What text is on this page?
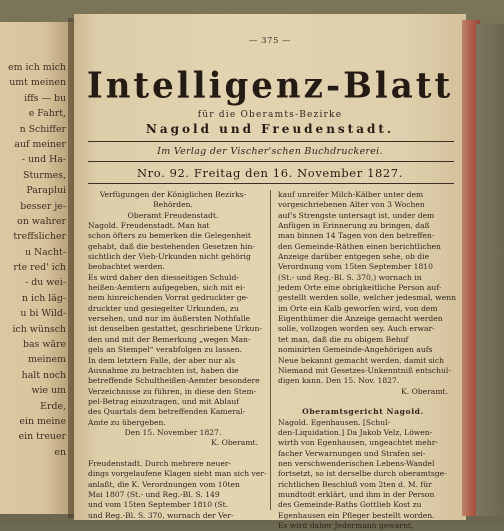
em ich mich
umt meinen
iffs — bu
e Fahrt,
n Schiffer
auf meiner
- und Ha-
Sturmes,
Paraplui
besser je-
on wahrer
treffslicher
u Nacht-
rte red' ich
- du wei-
n ich läg-
u bi Wild-
ich wünsch
bas wäre
meinem
halt noch
wie um
Erde,
ein meine
ein treuer
en
— 375 —
Intelligenz-Blatt
für die Oberamts-Bezirke
Nagold und Freudenstadt.
Im Verlag der Vischer'schen Buchdruckerei.
Nro. 92. Freitag den 16. November 1827.
Verfügungen der Königlichen Bezirks-
Behörden.
Oberamt Freudenstadt.
Nagold. Freudenstadt. Man hat
schon öfters zu bemerken die Gelegenheit
gehabt, daß die bestehenden Gesetzen hin-
sichtlich der Vieh-Urkunden nicht gehörig
beobachtet werden.
Es wird daher den diesseitigen Schuld-
heißen-Aemtern aufgegeben, sich mit ei-
nem hinreichenden Vorrat gedruckter ge-
druckter und gesiegelter Urkunden, zu
versehen, und nur im äußersten Nothfalle
ist denselben gestattet, geschriebene Urkun-
den und mit der Bemerkung „wegen Man-
gels an Stempel“ verabfolgen zu lassen.
In dem letztern Falle, der aber nur als
Ausnahme zu betrachten ist, haben die
betreffende Schultheißen-Aemter besondere
Verzeichnisse zu führen, in diese den Stem-
pel-Betrag einzutragen, und mit Ablauf
des Quartals dem betreffenden Kameral-
Amte zu übergeben.
Den 15. November 1827.
K. Oberamt.
Freudenstadt. Durch mehrere neuer-
dings vorgelaufene Klagen sieht man sich ver-
anlaßt, die K. Verordnungen vom 10ten
Mai 1807 (St.- und Reg.-Bl. S. 149
und vom 15ten September 1810 (St.
und Reg.-Bl. S. 370, wornach der Ver-
kauf unreifer Milch-Kälber unter dem
vorgeschriebenen Alter von 3 Wochen
auf's Strengste untersagt ist, under dem
Anfügen in Erinnerung zu bringen, daß
man binnen 14 Tagen von den betreffen-
den Gemeinde-Räthen einen berichtlichen
Anzeige darüber entgegen sehe, ob die
Verordnung vom 15ten September 1810
(St.- und Reg.-Bl. S. 370,) wornach in
jedem Orte eine obrigkeitliche Person auf-
gestellt werden solle, welcher jedesmal, wenn
im Orte ein Kalb geworfen wird, von dem
Eigenthümer die Anzeige gemacht werden
solle, vollzogen worden sey. Auch erwar-
tet man, daß die zu obigem Behuf
nominirten Gemeinde-Angehörigen aufs
Neue bekannt gemacht werden, damit sich
Niemand mit Gesetzes-Unkenntniß entschul-
digen kann. Den 15. Nov. 1827.
K. Oberamt.
Oberamtsgericht Nagold.
Nagold. Egenhausen. [Schul-
den-Liquidation.] Da Jakob Velz, Löwen-
wirth von Egenhausen, ungeachtet mehr-
facher Verwarnungen und Strafen sei-
nen verschwenderischen Lebens-Wandel
fortsetzt, so ist derselbe durch oberamtsge-
richtlichen Beschluß vom 2ten d. M. für
mundtodt erklärt, und ihm in der Person
des Gemeinde-Raths Gottlieb Kost zu
Egenhausen ein Pfleger bestellt worden.
Es wird daher Jedermann gewarnt,
